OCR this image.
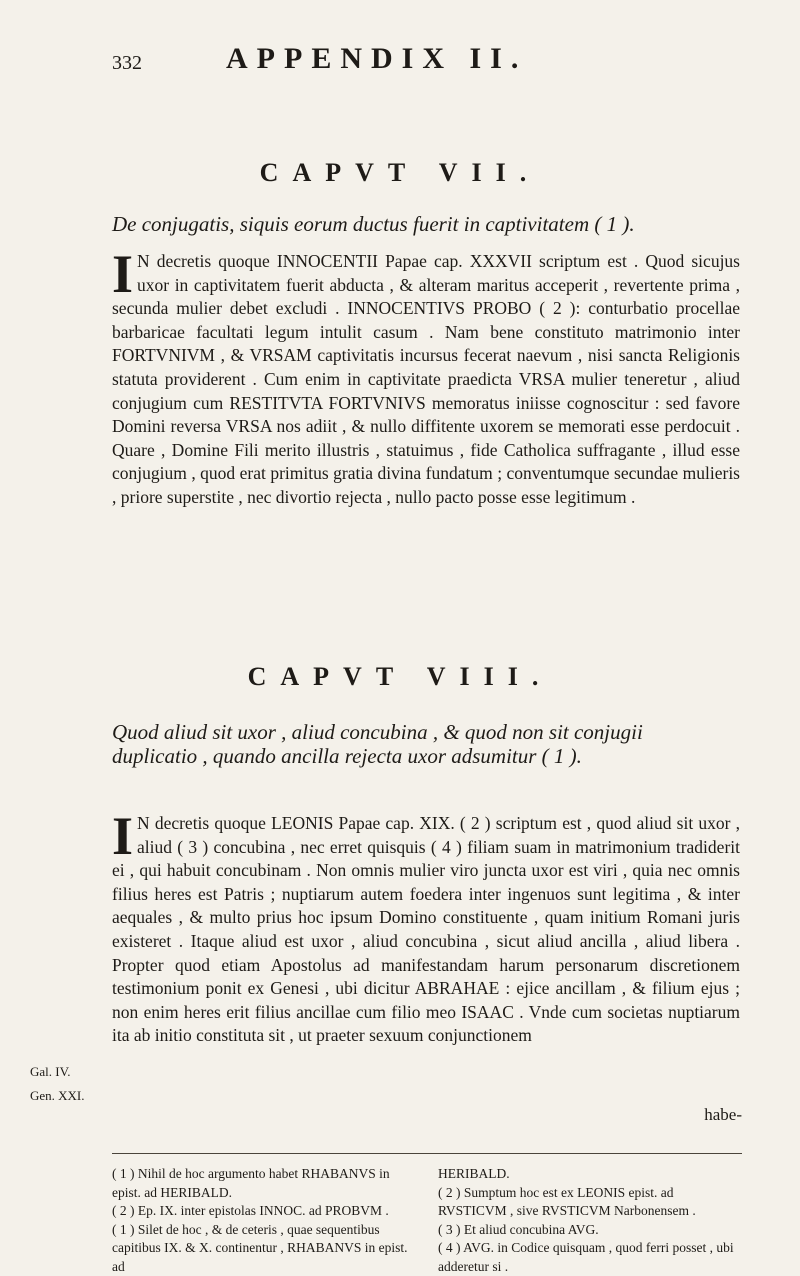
332	APPENDIX II.
CAPVT VII.
De conjugatis, siquis eorum ductus fuerit in captivitatem ( 1 ).
I N decretis quoque INNOCENTII Papae cap. XXXVII scriptum est . Quod sicujus uxor in captivitatem fuerit abducta , & alteram maritus acceperit , revertente prima , secunda mulier debet excludi . INNOCENTIVS PROBO ( 2 ): conturbatio procellae barbaricae facultati legum intulit casum . Nam bene constituto matrimonio inter FORTVNIVM , & VRSAM captivitatis incursus fecerat naevum , nisi sancta Religionis statuta providerent . Cum enim in captivitate praedicta VRSA mulier teneretur , aliud conjugium cum RESTITVTA FORTVNIVS memoratus iniisse cognoscitur : sed favore Domini reversa VRSA nos adiit , & nullo diffitente uxorem se memorati esse perdocuit . Quare , Domine Fili merito illustris , statuimus , fide Catholica suffragante , illud esse conjugium , quod erat primitus gratia divina fundatum ; conventumque secundae mulieris , priore superstite , nec divortio rejecta , nullo pacto posse esse legitimum .
CAPVT VIII.
Quod aliud sit uxor , aliud concubina , & quod non sit conjugii duplicatio , quando ancilla rejecta uxor adsumitur ( 1 ).
I N decretis quoque LEONIS Papae cap. XIX. ( 2 ) scriptum est , quod aliud sit uxor , aliud ( 3 ) concubina , nec erret quisquis ( 4 ) filiam suam in matrimonium tradiderit ei , qui habuit concubinam . Non omnis mulier viro juncta uxor est viri , quia nec omnis filius heres est Patris ; nuptiarum autem foedera inter ingenuos sunt legitima , & inter aequales , & multo prius hoc ipsum Domino constituente , quam initium Romani juris existeret . Itaque aliud est uxor , aliud concubina , sicut aliud ancilla , aliud libera . Propter quod etiam Apostolus ad manifestandam harum personarum discretionem testimonium ponit ex Genesi , ubi dicitur ABRAHAE : ejice ancillam , & filium ejus ; non enim heres erit filius ancillae cum filio meo ISAAC . Vnde cum societas nuptiarum ita ab initio constituta sit , ut praeter sexuum conjunctionem
Gal. IV.
Gen. XXI.
habe-

( 1 ) Nihil de hoc argumento habet RHABANVS in epist. ad HERIBALD.

( 2 ) Ep. IX. inter epistolas INNOC. ad PROBVM .

( 1 ) Silet de hoc , & de ceteris , quae sequentibus capitibus IX. & X. continentur , RHABANVS in epist. ad

HERIBALD.

( 2 ) Sumptum hoc est ex LEONIS epist. ad RVSTICVM , sive RVSTICVM Narbonensem .

( 3 ) Et aliud concubina AVG.

( 4 ) AVG. in Codice quisquam , quod ferri posset , ubi adderetur si .
